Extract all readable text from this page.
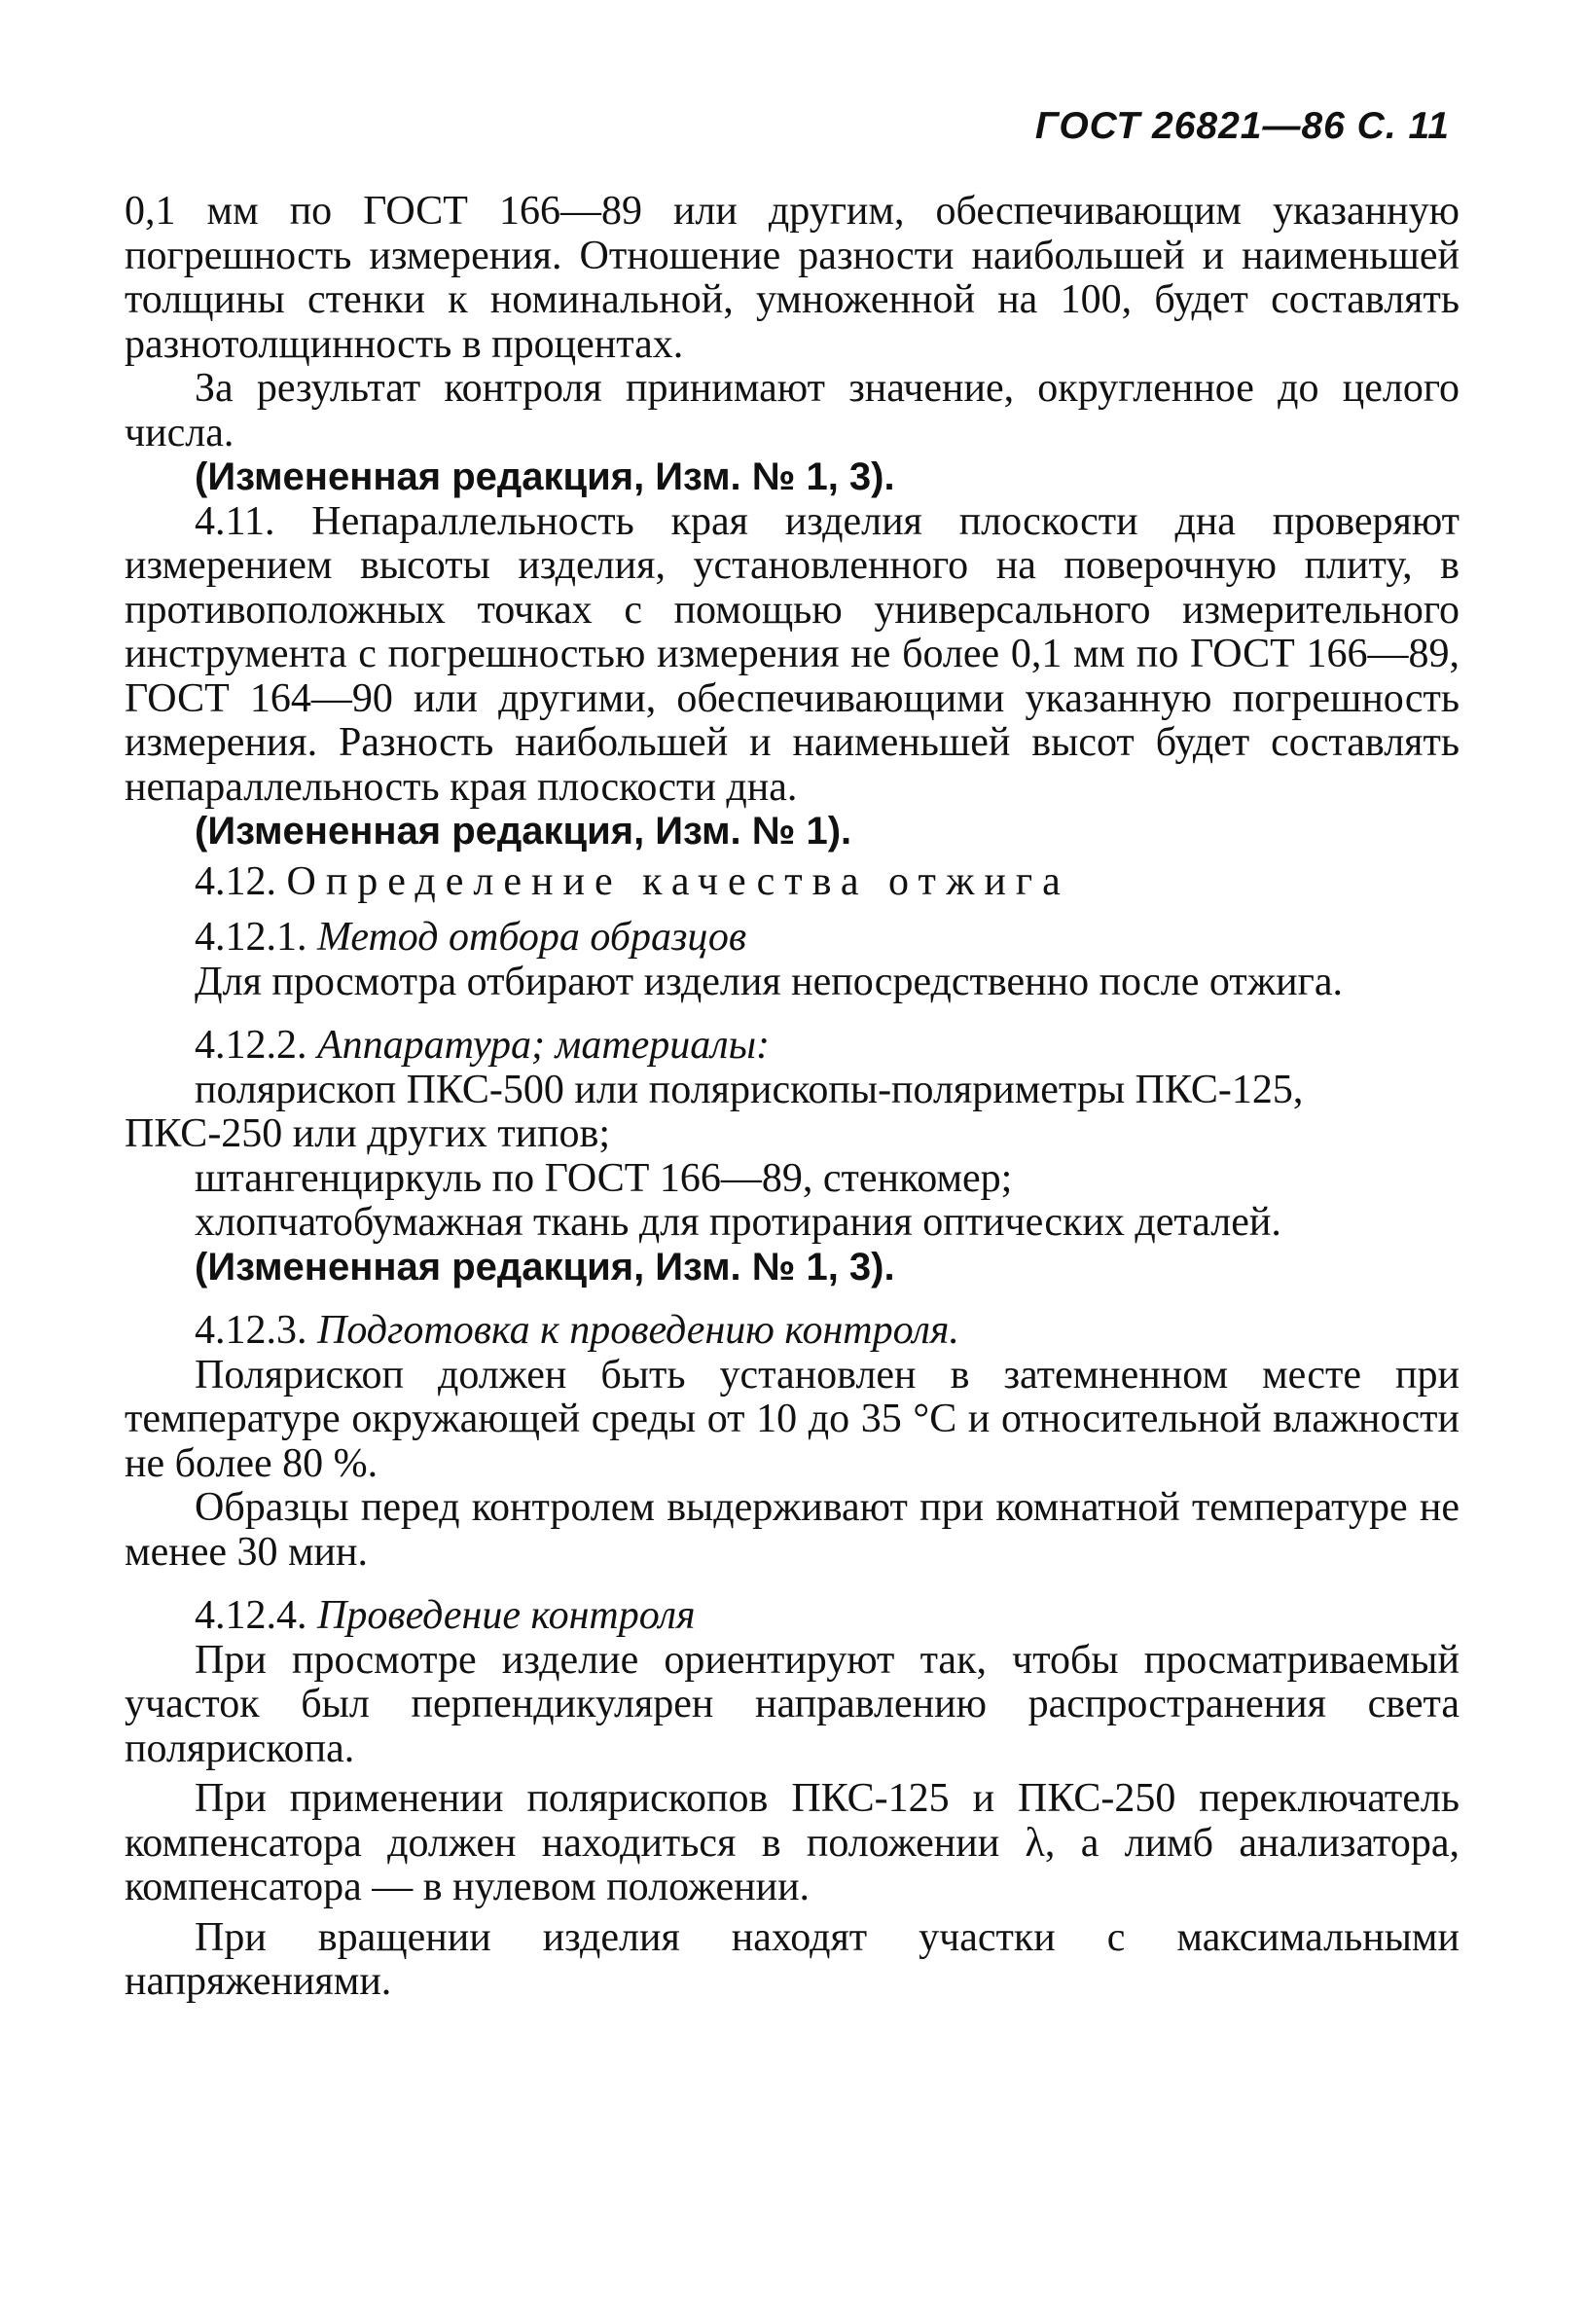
ГОСТ 26821—86 С. 11

0,1 мм по ГОСТ 166—89 или другим, обеспечивающим указанную погрешность измерения. Отношение разности наибольшей и наименьшей толщины стенки к номинальной, умноженной на 100, будет составлять разнотолщинность в процентах.

За результат контроля принимают значение, округленное до целого числа.

(Измененная редакция, Изм. № 1, 3).

4.11. Непараллельность края изделия плоскости дна проверяют измерением высоты изделия, установленного на поверочную плиту, в противоположных точках с помощью универсального измерительного инструмента с погрешностью измерения не более 0,1 мм по ГОСТ 166—89, ГОСТ 164—90 или другими, обеспечивающими указанную погрешность измерения. Разность наибольшей и наименьшей высот будет составлять непараллельность края плоскости дна.

(Измененная редакция, Изм. № 1).

4.12. Определение качества отжига

4.12.1. Метод отбора образцов

Для просмотра отбирают изделия непосредственно после отжига.

4.12.2. Аппаратура; материалы:

полярископ ПКС-500 или полярископы-поляриметры ПКС-125, ПКС-250 или других типов;

штангенциркуль по ГОСТ 166—89, стенкомер;

хлопчатобумажная ткань для протирания оптических деталей.

(Измененная редакция, Изм. № 1, 3).

4.12.3. Подготовка к проведению контроля.

Полярископ должен быть установлен в затемненном месте при температуре окружающей среды от 10 до 35 °C и относительной влажности не более 80 %.

Образцы перед контролем выдерживают при комнатной температуре не менее 30 мин.

4.12.4. Проведение контроля

При просмотре изделие ориентируют так, чтобы просматриваемый участок был перпендикулярен направлению распространения света полярископа.

При применении полярископов ПКС-125 и ПКС-250 переключатель компенсатора должен находиться в положении λ, а лимб анализатора, компенсатора — в нулевом положении.

При вращении изделия находят участки с максимальными напряжениями.
